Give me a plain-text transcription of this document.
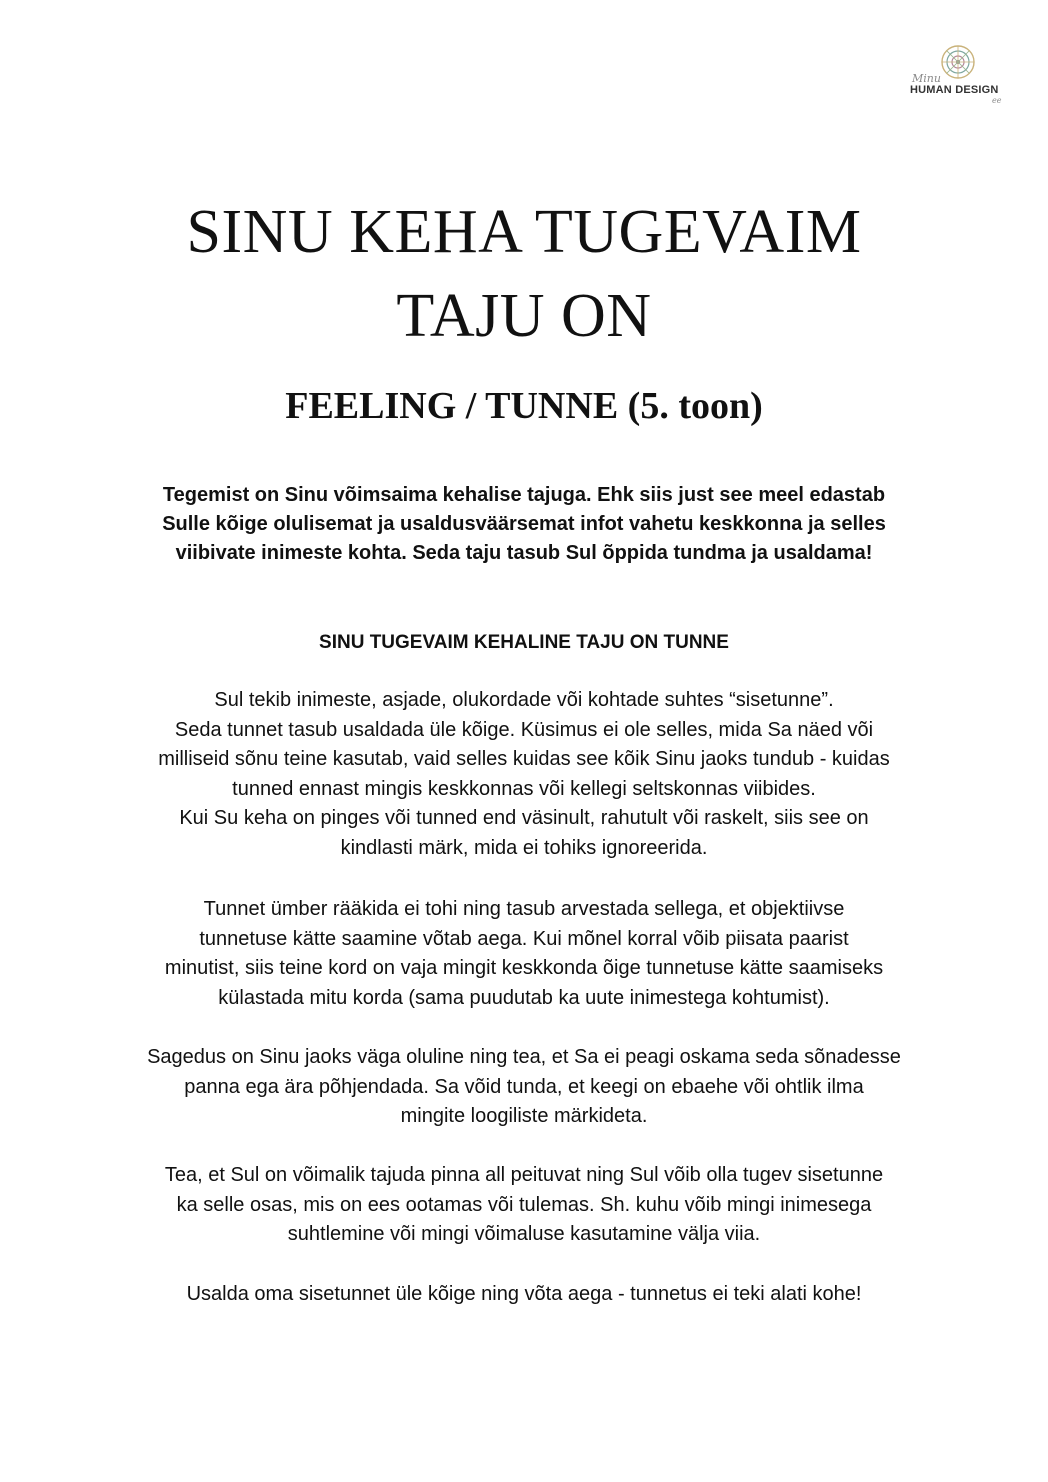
Minu
HUMAN DESIGN
ee
SINU KEHA TUGEVAIM
TAJU ON
FEELING / TUNNE (5. toon)

Tegemist on Sinu võimsaima kehalise tajuga. Ehk siis just see meel edastab
Sulle kõige olulisemat ja usaldusväärsemat infot vahetu keskkonna ja selles
viibivate inimeste kohta. Seda taju tasub Sul õppida tundma ja usaldama!

SINU TUGEVAIM KEHALINE TAJU ON TUNNE

Sul tekib inimeste, asjade, olukordade või kohtade suhtes “sisetunne”.
Seda tunnet tasub usaldada üle kõige. Küsimus ei ole selles, mida Sa näed või
milliseid sõnu teine kasutab, vaid selles kuidas see kõik Sinu jaoks tundub - kuidas
tunned ennast mingis keskkonnas või kellegi seltskonnas viibides.
Kui Su keha on pinges või tunned end väsinult, rahutult või raskelt, siis see on
kindlasti märk, mida ei tohiks ignoreerida.

Tunnet ümber rääkida ei tohi ning tasub arvestada sellega, et objektiivse
tunnetuse kätte saamine võtab aega. Kui mõnel korral võib piisata paarist
minutist, siis teine kord on vaja mingit keskkonda õige tunnetuse kätte saamiseks
külastada mitu korda (sama puudutab ka uute inimestega kohtumist).

Sagedus on Sinu jaoks väga oluline ning tea, et Sa ei peagi oskama seda sõnadesse
panna ega ära põhjendada. Sa võid tunda, et keegi on ebaehe või ohtlik ilma
mingite loogiliste märkideta.

Tea, et Sul on võimalik tajuda pinna all peituvat ning Sul võib olla tugev sisetunne
ka selle osas, mis on ees ootamas või tulemas. Sh. kuhu võib mingi inimesega
suhtlemine või mingi võimaluse kasutamine välja viia.

Usalda oma sisetunnet üle kõige ning võta aega - tunnetus ei teki alati kohe!
